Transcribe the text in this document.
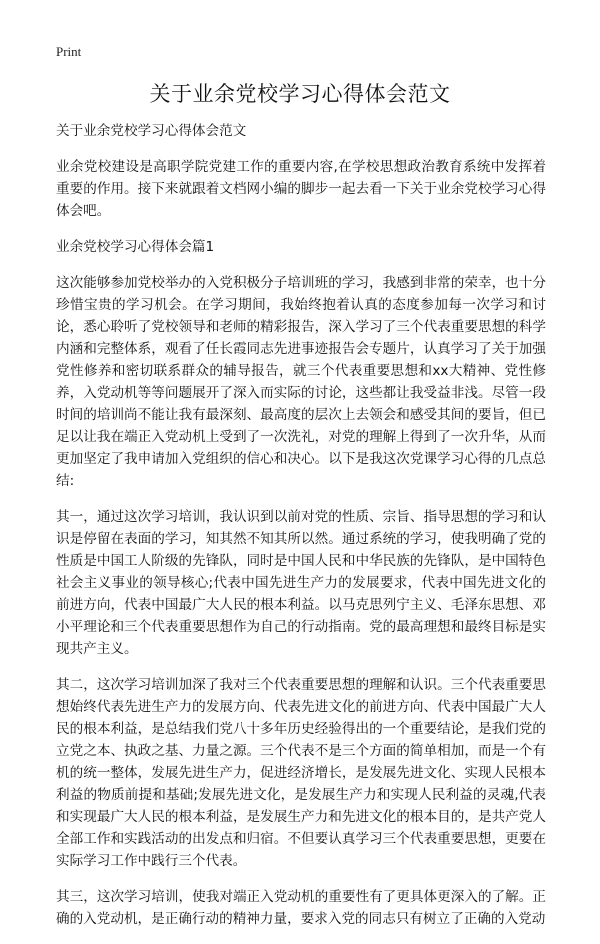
Print
关于业余党校学习心得体会范文

关于业余党校学习心得体会范文

业余党校建设是高职学院党建工作的重要内容,在学校思想政治教育系统中发挥着重要的作用。接下来就跟着文档网小编的脚步一起去看一下关于业余党校学习心得体会吧。

业余党校学习心得体会篇1

这次能够参加党校举办的入党积极分子培训班的学习，我感到非常的荣幸，也十分珍惜宝贵的学习机会。在学习期间，我始终抱着认真的态度参加每一次学习和讨论，悉心聆听了党校领导和老师的精彩报告，深入学习了三个代表重要思想的科学内涵和完整体系，观看了任长霞同志先进事迹报告会专题片，认真学习了关于加强党性修养和密切联系群众的辅导报告，就三个代表重要思想和xx大精神、党性修养，入党动机等等问题展开了深入而实际的讨论，这些都让我受益非浅。尽管一段时间的培训尚不能让我有最深刻、最高度的层次上去领会和感受其间的要旨，但已足以让我在端正入党动机上受到了一次洗礼，对党的理解上得到了一次升华，从而更加坚定了我申请加入党组织的信心和决心。以下是我这次党课学习心得的几点总结:

其一，通过这次学习培训，我认识到以前对党的性质、宗旨、指导思想的学习和认识是停留在表面的学习，知其然不知其所以然。通过系统的学习，使我明确了党的性质是中国工人阶级的先锋队，同时是中国人民和中华民族的先锋队，是中国特色社会主义事业的领导核心;代表中国先进生产力的发展要求，代表中国先进文化的前进方向，代表中国最广大人民的根本利益。以马克思列宁主义、毛泽东思想、邓小平理论和三个代表重要思想作为自己的行动指南。党的最高理想和最终目标是实现共产主义。

其二，这次学习培训加深了我对三个代表重要思想的理解和认识。三个代表重要思想始终代表先进生产力的发展方向、代表先进文化的前进方向、代表中国最广大人民的根本利益，是总结我们党八十多年历史经验得出的一个重要结论，是我们党的立党之本、执政之基、力量之源。三个代表不是三个方面的简单相加，而是一个有机的统一整体，发展先进生产力，促进经济增长，是发展先进文化、实现人民根本利益的物质前提和基础;发展先进文化，是发展生产力和实现人民利益的灵魂,代表和实现最广大人民的根本利益，是发展生产力和先进文化的根本目的，是共产党人全部工作和实践活动的出发点和归宿。不但要认真学习三个代表重要思想，更要在实际学习工作中践行三个代表。

其三，这次学习培训，使我对端正入党动机的重要性有了更具体更深入的了解。正确的入党动机，是正确行动的精神力量，要求入党的同志只有树立了正确的入党动
